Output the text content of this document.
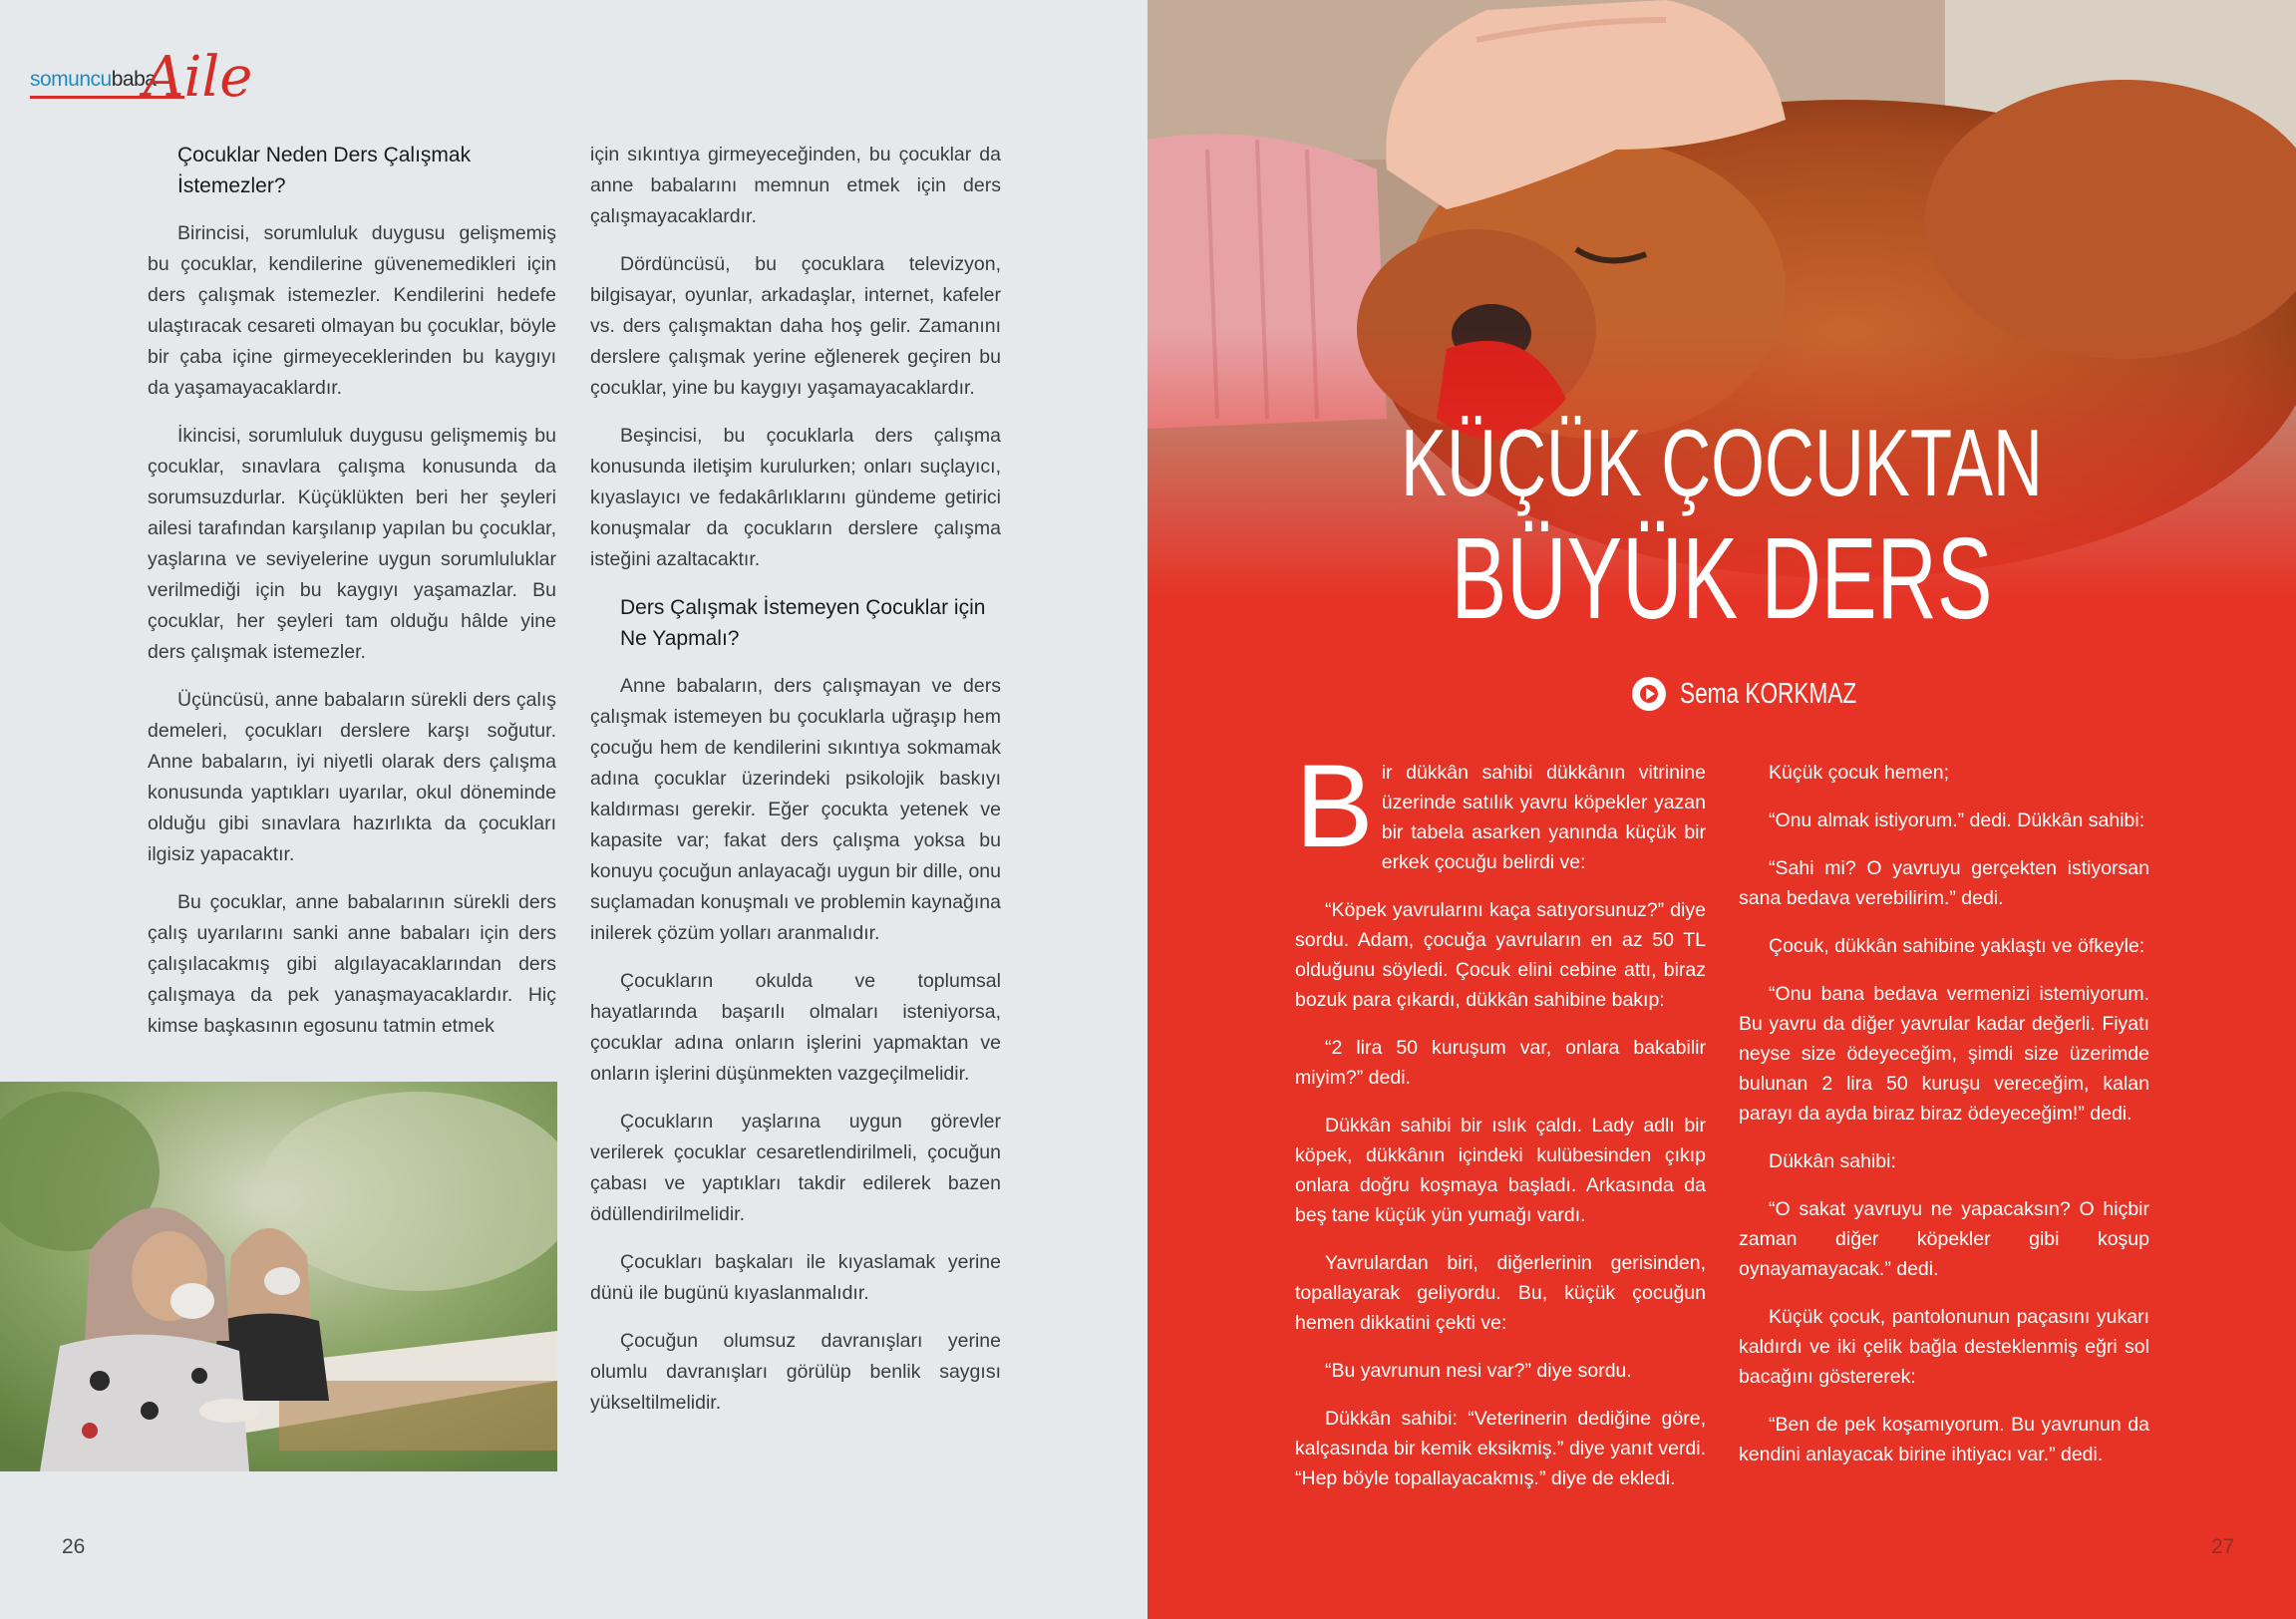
somuncubaba
Aile
Çocuklar Neden Ders Çalışmak İstemezler?

Birincisi, sorumluluk duygusu gelişmemiş bu çocuklar, kendilerine güvenemedikleri için ders çalışmak istemezler. Kendilerini hedefe ulaştıracak cesareti olmayan bu çocuklar, böyle bir çaba içine girmeyeceklerinden bu kaygıyı da yaşamayacaklardır.

İkincisi, sorumluluk duygusu gelişmemiş bu çocuklar, sınavlara çalışma konusunda da sorumsuzdurlar. Küçüklükten beri her şeyleri ailesi tarafından karşılanıp yapılan bu çocuklar, yaşlarına ve seviyelerine uygun sorumluluklar verilmediği için bu kaygıyı yaşamazlar. Bu çocuklar, her şeyleri tam olduğu hâlde yine ders çalışmak istemezler.

Üçüncüsü, anne babaların sürekli ders çalış demeleri, çocukları derslere karşı soğutur. Anne babaların, iyi niyetli olarak ders çalışma konusunda yaptıkları uyarılar, okul döneminde olduğu gibi sınavlara hazırlıkta da çocukları ilgisiz yapacaktır.

Bu çocuklar, anne babalarının sürekli ders çalış uyarılarını sanki anne babaları için ders çalışılacakmış gibi algılayacaklarından ders çalışmaya da pek yanaşmayacaklardır. Hiç kimse başkasının egosunu tatmin etmek

için sıkıntıya girmeyeceğinden, bu çocuklar da anne babalarını memnun etmek için ders çalışmayacaklardır.

Dördüncüsü, bu çocuklara televizyon, bilgisayar, oyunlar, arkadaşlar, internet, kafeler vs. ders çalışmaktan daha hoş gelir. Zamanını derslere çalışmak yerine eğlenerek geçiren bu çocuklar, yine bu kaygıyı yaşamayacaklardır.

Beşincisi, bu çocuklarla ders çalışma konusunda iletişim kurulurken; onları suçlayıcı, kıyaslayıcı ve fedakârlıklarını gündeme getirici konuşmalar da çocukların derslere çalışma isteğini azaltacaktır.

Ders Çalışmak İstemeyen Çocuklar için Ne Yapmalı?

Anne babaların, ders çalışmayan ve ders çalışmak istemeyen bu çocuklarla uğraşıp hem çocuğu hem de kendilerini sıkıntıya sokmamak adına çocuklar üzerindeki psikolojik baskıyı kaldırması gerekir. Eğer çocukta yetenek ve kapasite var; fakat ders çalışma yoksa bu konuyu çocuğun anlayacağı uygun bir dille, onu suçlamadan konuşmalı ve problemin kaynağına inilerek çözüm yolları aranmalıdır.

Çocukların okulda ve toplumsal hayatlarında başarılı olmaları isteniyorsa, çocuklar adına onların işlerini yapmaktan ve onların işlerini düşünmekten vazgeçilmelidir.

Çocukların yaşlarına uygun görevler verilerek çocuklar cesaretlendirilmeli, çocuğun çabası ve yaptıkları takdir edilerek bazen ödüllendirilmelidir.

Çocukları başkaları ile kıyaslamak yerine dünü ile bugünü kıyaslanmalıdır.

Çocuğun olumsuz davranışları yerine olumlu davranışları görülüp benlik saygısı yükseltilmelidir.

26
KÜÇÜK ÇOCUKTAN
BÜYÜK DERS
Sema KORKMAZ

Bir dükkân sahibi dükkânın vitrinine üzerinde satılık yavru köpekler yazan bir tabela asarken yanında küçük bir erkek çocuğu belirdi ve:

“Köpek yavrularını kaça satıyorsunuz?” diye sordu. Adam, çocuğa yavruların en az 50 TL olduğunu söyledi. Çocuk elini cebine attı, biraz bozuk para çıkardı, dükkân sahibine bakıp:

“2 lira 50 kuruşum var, onlara bakabilir miyim?” dedi.

Dükkân sahibi bir ıslık çaldı. Lady adlı bir köpek, dükkânın içindeki kulübesinden çıkıp onlara doğru koşmaya başladı. Arkasında da beş tane küçük yün yumağı vardı.

Yavrulardan biri, diğerlerinin gerisinden, topallayarak geliyordu. Bu, küçük çocuğun hemen dikkatini çekti ve:

“Bu yavrunun nesi var?” diye sordu.

Dükkân sahibi: “Veterinerin dediğine göre, kalçasında bir kemik eksikmiş.” diye yanıt verdi. “Hep böyle topallayacakmış.” diye de ekledi.

Küçük çocuk hemen;

“Onu almak istiyorum.” dedi. Dükkân sahibi:

“Sahi mi? O yavruyu gerçekten istiyorsan sana bedava verebilirim.” dedi.

Çocuk, dükkân sahibine yaklaştı ve öfkeyle:

“Onu bana bedava vermenizi istemiyorum. Bu yavru da diğer yavrular kadar değerli. Fiyatı neyse size ödeyeceğim, şimdi size üzerimde bulunan 2 lira 50 kuruşu vereceğim, kalan parayı da ayda biraz biraz ödeyeceğim!” dedi.

Dükkân sahibi:

“O sakat yavruyu ne yapacaksın? O hiçbir zaman diğer köpekler gibi koşup oynayamayacak.” dedi.

Küçük çocuk, pantolonunun paçasını yukarı kaldırdı ve iki çelik bağla desteklenmiş eğri sol bacağını göstererek:

“Ben de pek koşamıyorum. Bu yavrunun da kendini anlayacak birine ihtiyacı var.” dedi.

27
